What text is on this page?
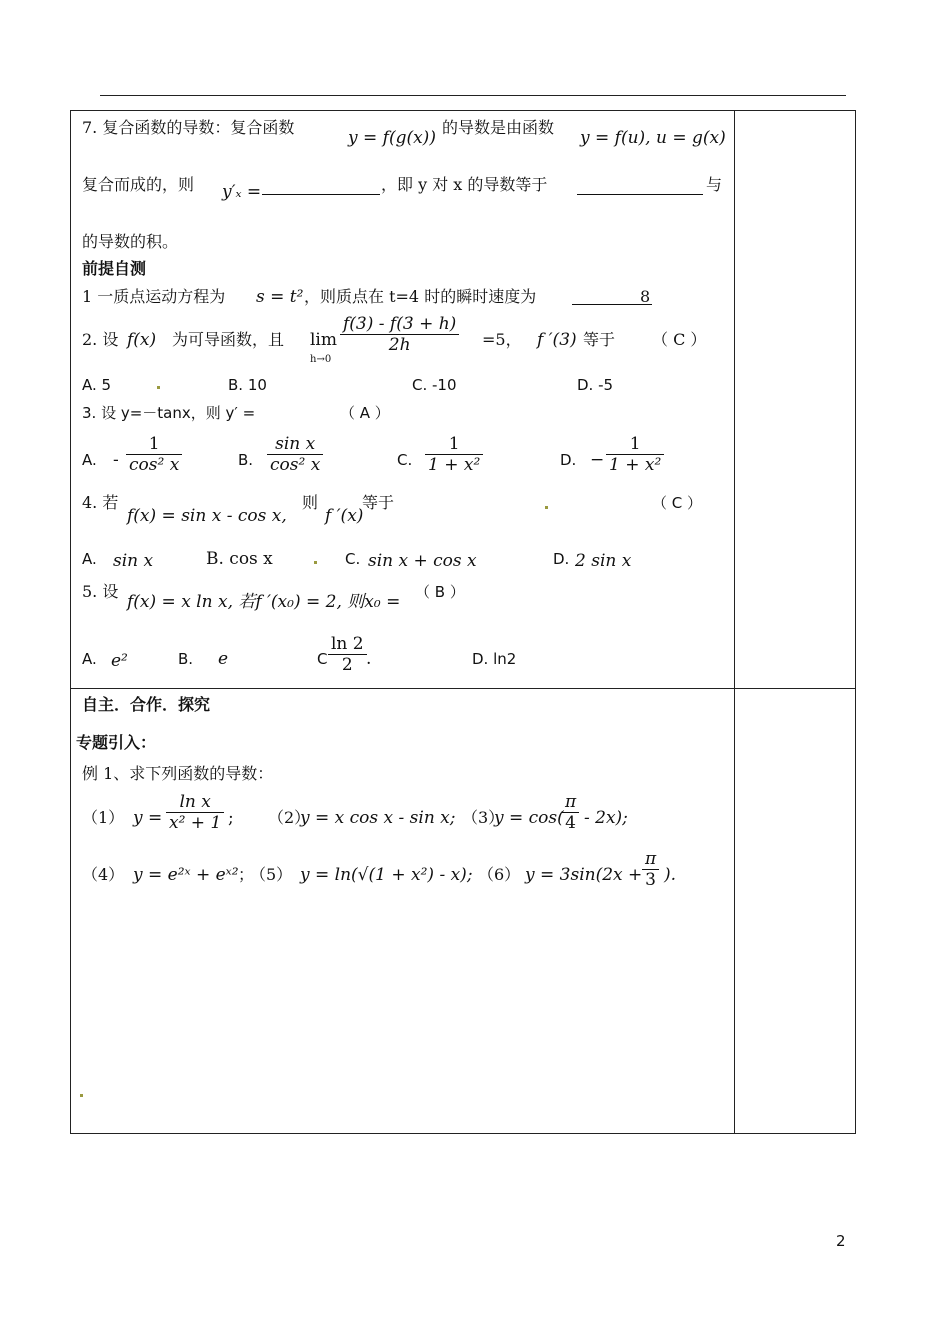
7. 复合函数的导数：复合函数
y = f(g(x))
的导数是由函数
y = f(u), u = g(x)
复合而成的，则 y′ₓ =	，即 y 对 x 的导数等于	与
的导数的积。
前提自测
1 一质点运动方程为 s = t² ，则质点在 t=4 时的瞬时速度为	8
2. 设 f(x) 为可导函数，且 lim
h→0
$\frac{f(3) - f(3 + h)}{2h} =5$， f ′(3) 等于 （ C ）
A. 5	B. 10	C. -10	D. -5
3. 设 y=－tanx，则 y′ =	（ A ）
A. - $\frac{1}{\text{cos² x}}$	B. $\frac{\text{sin x}}{\text{cos² x}}$	C. $\frac{1}{\text{1 + x²}}$	D. − $\frac{1}{\text{1 + x²}}$
4. 若
f(x) = sin x - cos x,
则
f ′(x)
等于	（ C ）
A. sin x	B. cos x	C. sin x + cos x	D. 2 sin x
5. 设
f(x) = x ln x, 若f ′(x₀) = 2, 则x₀ = （ B ）
A. e²	B. e	C $\frac{\ln 2}{2}$ .	D. ln2
自主．合作．探究
专题引入：
例 1、求下列函数的导数：
（1） $y = \frac{\text{ln x}}{\text{x² + 1}}$ ; （2）
y = x cos x - sin x; （3）
y = cos(
$\frac{\pi}{4} - 2x$);
（4） y = e²ˣ + eˣ² ；
（5） y = ln(√(1 + x²) - x); （6） $y = 3\sin(2x + \frac{\pi}{3}$ ).
2
